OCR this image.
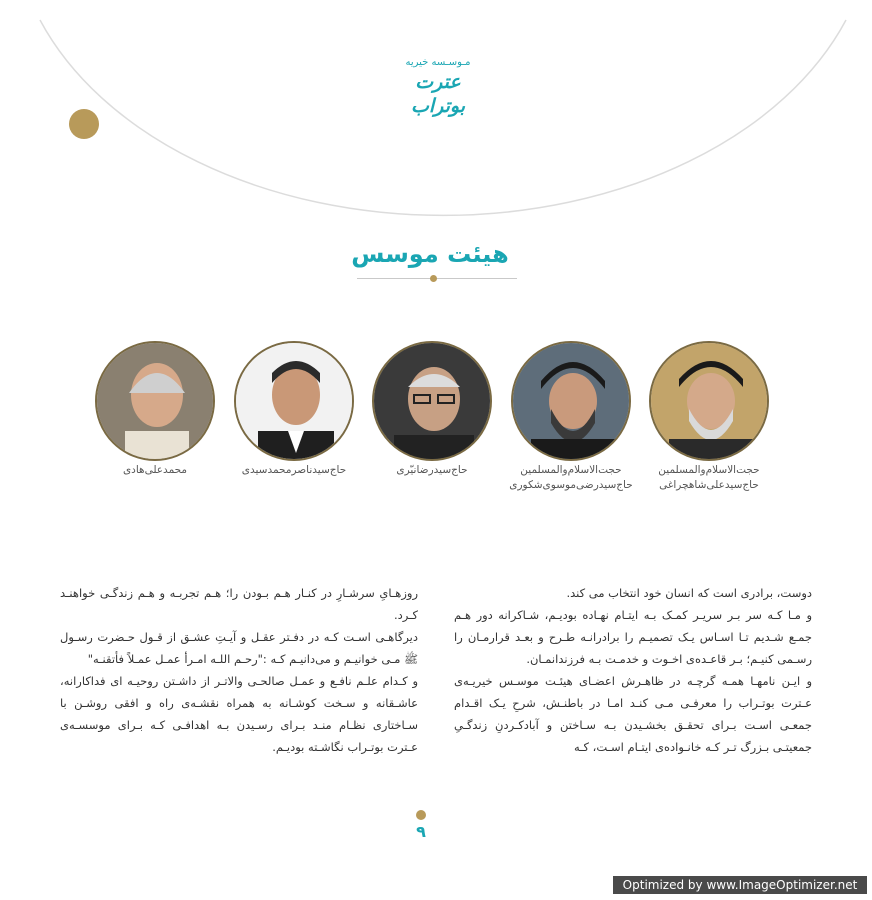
مـوسـسه خیریه
عترت بوتراب
هیئت موسس
محمدعلی‌هادی	حاج‌سیدناصر‌محمدسیدی	حاج‌سیدرضانیّری	حجت‌الاسلام‌والمسلمین
حاج‌سیدرضی‌موسوی‌شکوری
حجت‌الاسلام‌والمسلمین
حاج‌سیدعلی‌شاهچراغی

دوست، برادری است که انسان خود انتخاب می کند.

و مـا کـه سر بـر سریـر کمـک بـه ایتـام نهـاده بودیـم، شـاکرانه دور هـم جمـع شـدیم تـا اسـاس یـک تصمیـم را برادرانـه طـرح و بعـد قرارمـان را رسـمی کنیـم؛ بـر قاعـده‌ی اخـوت و خدمـت بـه فرزندانمـان.

و ایـن نامهـا همـه گرچـه در ظاهـرش اعضـای هیئـت موسـس خیریـه‌ی عـترت بوتـراب را معرفـی مـی کنـد امـا در باطنـش، شرحِ یـک اقـدام جمعـی اسـت بـرای تحقـق بخشـیدن بـه سـاختن و آبادکـردنِ زندگـیِ جمعیتـی بـزرگ تـر کـه خانـواده‌ی ایتـام اسـت، کـه

روزهـایِ سرشـارِ در کنـار هـم بـودن را؛ هـم تجربـه و هـم زندگـی خواهنـد کـرد.

دیرگاهـی اسـت کـه در دفـتر عقـل و آیـتِ عشـق از قـول حـضرت رسـول ﷺ مـی خوانیـم و می‌دانیـم کـه :"رحـم اللـه امـرأ عمـل عمـلاً فأتقنـه"

و کـدام علـم نافـع و عمـل صالحـی والاتـر از داشـتن روحیـه ای فداکارانه، عاشـقانه و سـخت کوشـانه به همراه نقشـه‌ی راه و افقی روشـن با سـاختاری نظـام منـد بـرای رسـیدن بـه اهدافـی کـه بـرای موسسـه‌ی عـترت بوتـراب نگاشـته بودیـم.

۹
Optimized by www.ImageOptimizer.net
